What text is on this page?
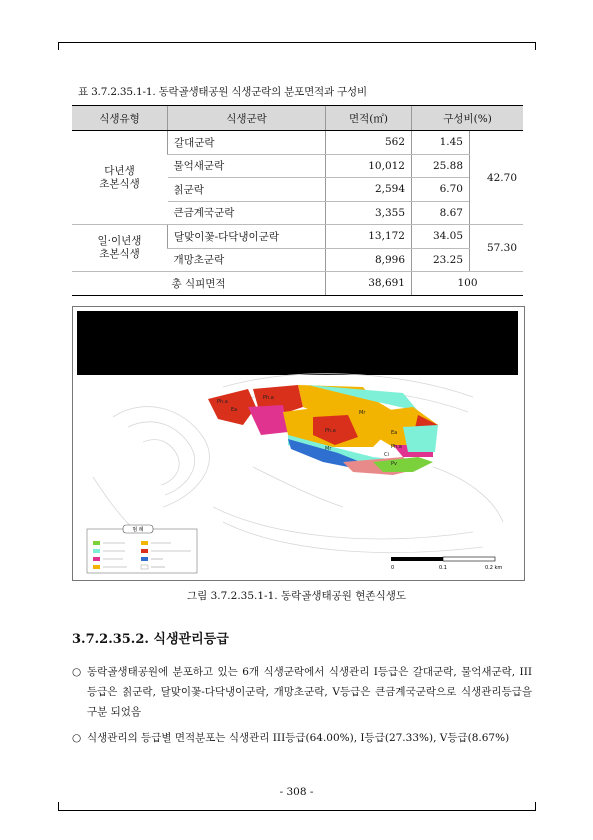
표 3.7.2.35.1-1. 동락골생태공원 식생군락의 분포면적과 구성비
식생유형	식생군락	면적(㎡)	구성비(%)	
다년생
초본식생	갈대군락	562	1.45	42.70
	물억새군락	10,012	25.88	
	칡군락	2,594	6.70	
	큰금계국군락	3,355	8.67	
일·이년생
초본식생	달맞이꽃-다닥냉이군락	13,172	34.05	57.30
	개망초군락	8,996	23.25	
총 식피면적		38,691	100	
Ph.a
Ph.a
Ea	Mr
Ph.a	Ea
Mr	Ph.a
Ci
Pv
범 례
0	0.1	0.2 km
그림 3.7.2.35.1-1. 동락골생태공원 현존식생도
3.7.2.35.2. 식생관리등급
○ 동락골생태공원에 분포하고 있는 6개 식생군락에서 식생관리 I등급은 갈대군락, 물억새군락, III등급은 칡군락, 달맞이꽃-다닥냉이군락, 개망초군락, V등급은 큰금계국군락으로 식생관리등급을 구분 되었음
○ 식생관리의 등급별 면적분포는 식생관리 III등급(64.00%), I등급(27.33%), V등급(8.67%)
- 308 -
